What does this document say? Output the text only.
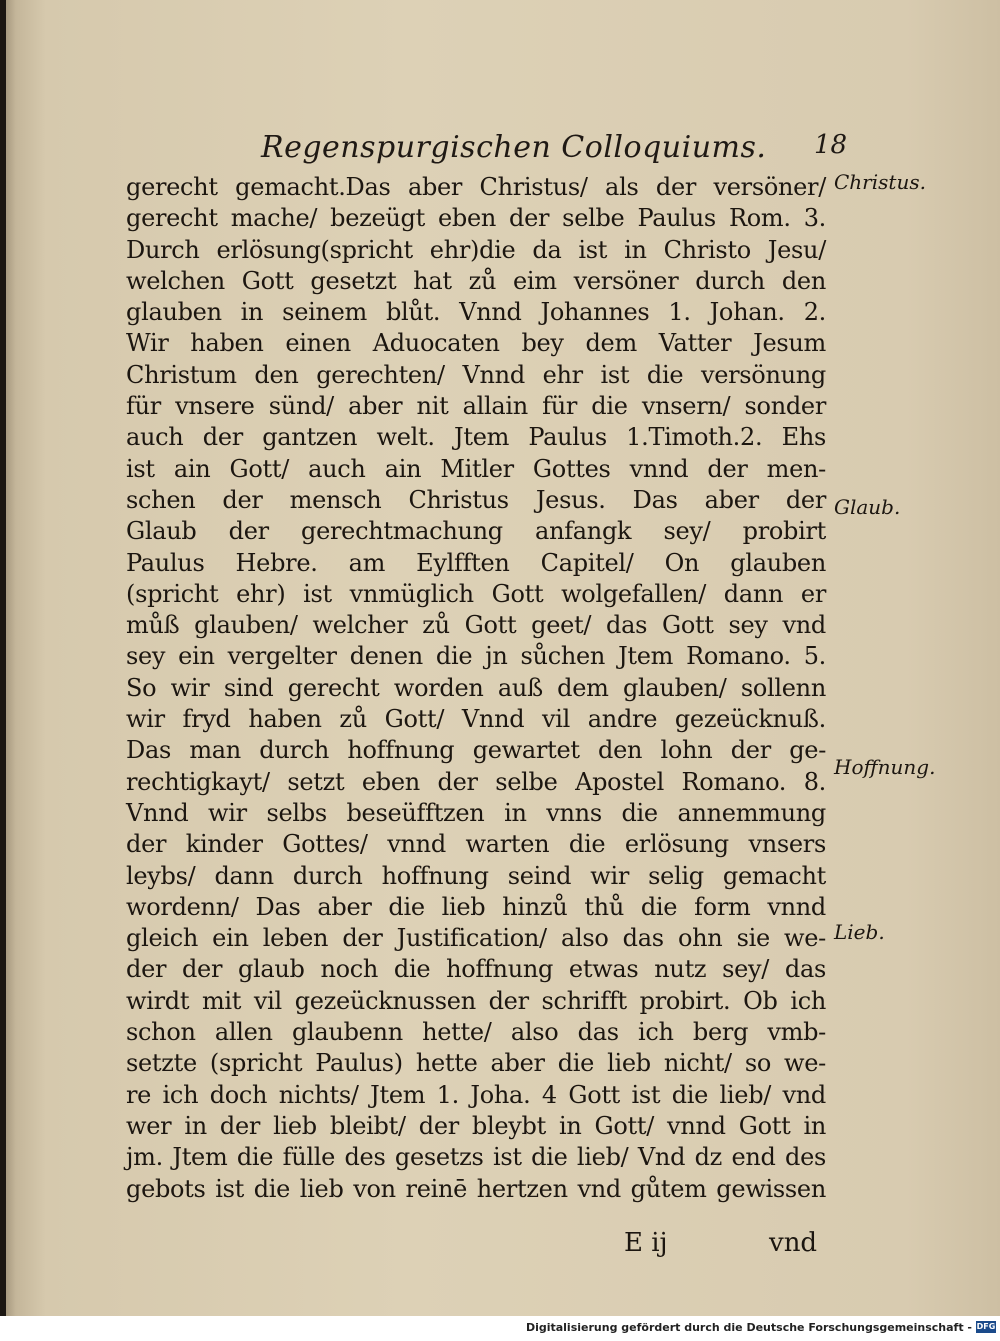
Regenspurgischen Colloquiums. 18
gerecht gemacht.Das aber Christus/ als der versöner/
gerecht mache/ bezeügt eben der selbe Paulus Rom. 3.
Durch erlösung(spricht ehr)die da ist in Christo Jesu/
welchen Gott gesetzt hat zů eim versöner durch den
glauben in seinem blůt. Vnnd Johannes 1. Johan. 2.
Wir haben einen Aduocaten bey dem Vatter Jesum
Christum den gerechten/ Vnnd ehr ist die versönung
für vnsere sünd/ aber nit allain für die vnsern/ sonder
auch der gantzen welt. Jtem Paulus 1.Timoth.2. Ehs
ist ain Gott/ auch ain Mitler Gottes vnnd der men-
schen der mensch Christus Jesus. Das aber der
Glaub der gerechtmachung anfangk sey/ probirt
Paulus Hebre. am Eylfften Capitel/ On glauben
(spricht ehr) ist vnmüglich Gott wolgefallen/ dann er
můß glauben/ welcher zů Gott geet/ das Gott sey vnd
sey ein vergelter denen die jn sůchen Jtem Romano. 5.
So wir sind gerecht worden auß dem glauben/ sollenn
wir fryd haben zů Gott/ Vnnd vil andre gezeücknuß.
Das man durch hoffnung gewartet den lohn der ge-
rechtigkayt/ setzt eben der selbe Apostel Romano. 8.
Vnnd wir selbs beseüfftzen in vnns die annemmung
der kinder Gottes/ vnnd warten die erlösung vnsers
leybs/ dann durch hoffnung seind wir selig gemacht
wordenn/ Das aber die lieb hinzů thů die form vnnd
gleich ein leben der Justification/ also das ohn sie we-
der der glaub noch die hoffnung etwas nutz sey/ das
wirdt mit vil gezeücknussen der schrifft probirt. Ob ich
schon allen glaubenn hette/ also das ich berg vmb-
setzte (spricht Paulus) hette aber die lieb nicht/ so we-
re ich doch nichts/ Jtem 1. Joha. 4 Gott ist die lieb/ vnd
wer in der lieb bleibt/ der bleybt in Gott/ vnnd Gott in
jm. Jtem die fülle des gesetzs ist die lieb/ Vnd dz end des
gebots ist die lieb von reinē hertzen vnd gůtem gewissen
Christus.
Glaub.
Hoffnung.
Lieb.
E ij	vnd
Digitalisierung gefördert durch die Deutsche Forschungsgemeinschaft - DFG
